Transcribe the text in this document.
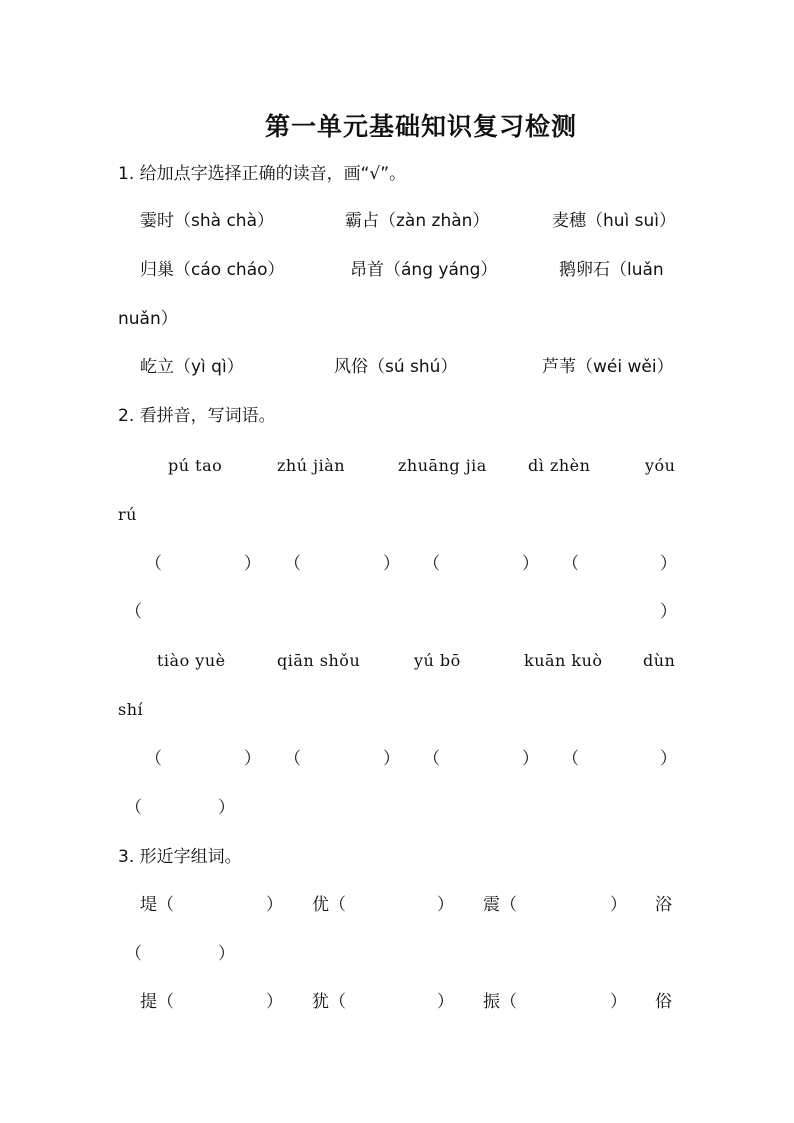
第一单元基础知识复习检测
1. 给加点字选择正确的读音，画“√”。
霎时（shà chà）	霸占（zàn zhàn）	麦穗（huì suì）
归巢（cáo cháo）	昂首（áng yáng）	鹅卵石（luǎn
nuǎn）
屹立（yì qì）	风俗（sú shú）	芦苇（wéi wěi）
2. 看拼音，写词语。
pú tao	zhú jiàn	zhuāng jia	dì zhèn	yóu
rú
（	） （	） （	） （	）
（	）
tiào yuè	qiān shǒu	yú bō	kuān kuò	dùn
shí
（	） （	） （	） （	）
（	）
3. 形近字组词。
堤（	） 优（	） 震（	） 浴
（	）
提（	） 犹（	） 振（	） 俗
